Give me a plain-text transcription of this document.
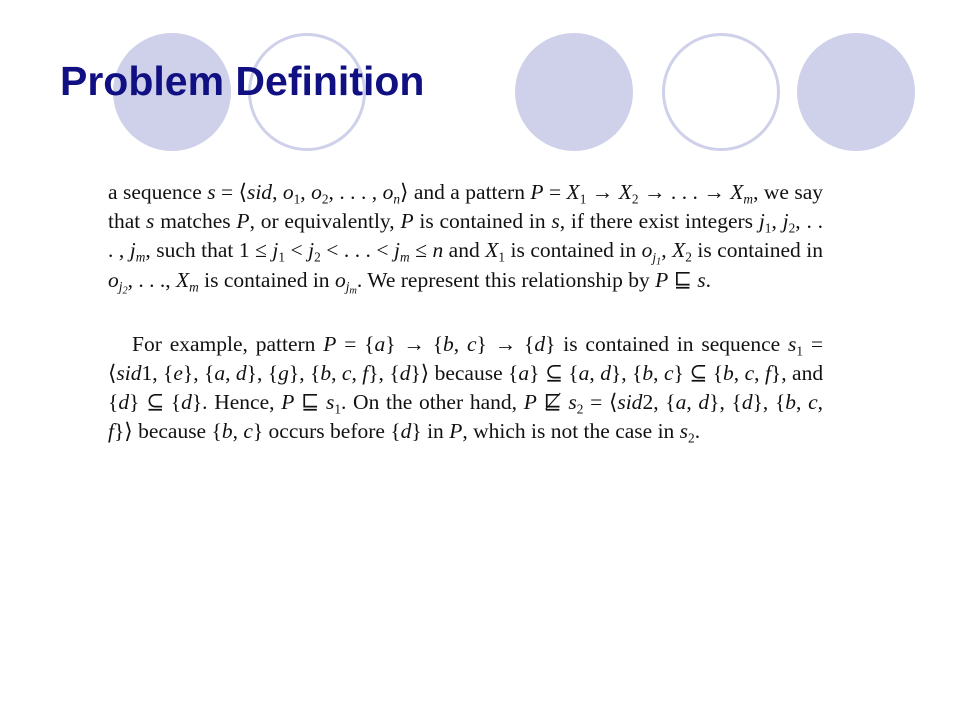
Problem Definition

a sequence s = ⟨sid, $o_1$, $o_2$, . . . , $o_n⟩$ and a pattern $P = X_1 \to X_2$ → . . . → $X_m$, we say that s matches P, or equivalently, P is contained in s, if there exist integers $j_1$, $j_2$, . . . , $j_m$, such that $1 \le j_1 < j_2$ < . . . < $j_m \le n$ and $X_1$ is contained in $o_{j1}$, $X_2$ is contained in $o_{j2}$, . . ., $X_m$ is contained in $o_{jm}$. We represent this relationship by P ⊑ s.

For example, pattern P = {a} → {b, c} → {d} is contained in sequence $s_1$ = ⟨sid1, {e}, {a, d}, {g}, {b, c, f}, {d}⟩ because {a} ⊆ {a, d}, {b, c} ⊆ {b, c, f}, and {d} ⊆ {d}. Hence, P ⊑ $s_1$. On the other hand, P ⋢ $s_2$ = ⟨sid2, {a, d}, {d}, {b, c, f}⟩ because {b, c} occurs before {d} in P, which is not the case in $s_2$.
